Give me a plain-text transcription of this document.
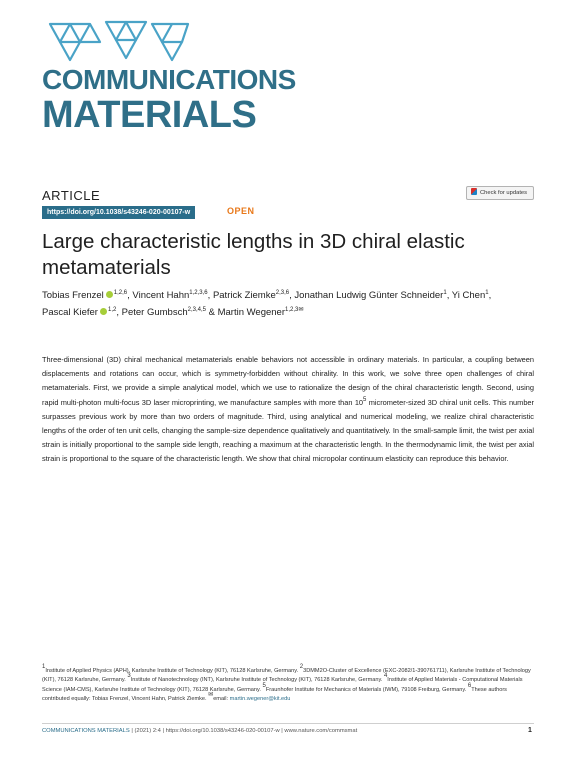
COMMUNICATIONS
MATERIALS
ARTICLE
https://doi.org/10.1038/s43246-020-00107-w	OPEN
Check for updates
Large characteristic lengths in 3D chiral elastic metamaterials
Tobias Frenzel $^{1,2,6}$, Vincent Hahn$^{1,2,3,6}$, Patrick Ziemke$^{2,3,6}$, Jonathan Ludwig Günter Schneider$^1$, Yi Chen$^1$,
Pascal Kiefer $^{1,2}$, Peter Gumbsch$^{2,3,4,5}$ & Martin Wegener$^{1,2,3✉}$
Three-dimensional (3D) chiral mechanical metamaterials enable behaviors not accessible in ordinary materials. In particular, a coupling between displacements and rotations can occur, which is symmetry-forbidden without chirality. In this work, we solve three open challenges of chiral metamaterials. First, we provide a simple analytical model, which we use to rationalize the design of the chiral characteristic length. Second, using rapid multi-photon multi-focus 3D laser microprinting, we manufacture samples with more than $10^5$ micrometer-sized 3D chiral unit cells. This number surpasses previous work by more than two orders of magnitude. Third, using analytical and numerical modeling, we realize chiral characteristic lengths of the order of ten unit cells, changing the sample-size dependence qualitatively and quantitatively. In the small-sample limit, the twist per axial strain is initially proportional to the sample side length, reaching a maximum at the characteristic length. In the thermodynamic limit, the twist per axial strain is proportional to the square of the characteristic length. We show that chiral micropolar continuum elasticity can reproduce this behavior.
$^1$Institute of Applied Physics (APH), Karlsruhe Institute of Technology (KIT), 76128 Karlsruhe, Germany. $^2$3DMM2O-Cluster of Excellence (EXC-2082/1-390761711), Karlsruhe Institute of Technology (KIT), 76128 Karlsruhe, Germany. $^3$Institute of Nanotechnology (INT), Karlsruhe Institute of Technology (KIT), 76128 Karlsruhe, Germany. $^4$Institute of Applied Materials - Computational Materials Science (IAM-CMS), Karlsruhe Institute of Technology (KIT), 76128 Karlsruhe, Germany. $^5$Fraunhofer Institute for Mechanics of Materials (IWM), 79108 Freiburg, Germany. $^6$These authors contributed equally: Tobias Frenzel, Vincent Hahn, Patrick Ziemke. ✉email: martin.wegener@kit.edu
COMMUNICATIONS MATERIALS | (2021) 2:4 | https://doi.org/10.1038/s43246-020-00107-w | www.nature.com/commsmat	1
